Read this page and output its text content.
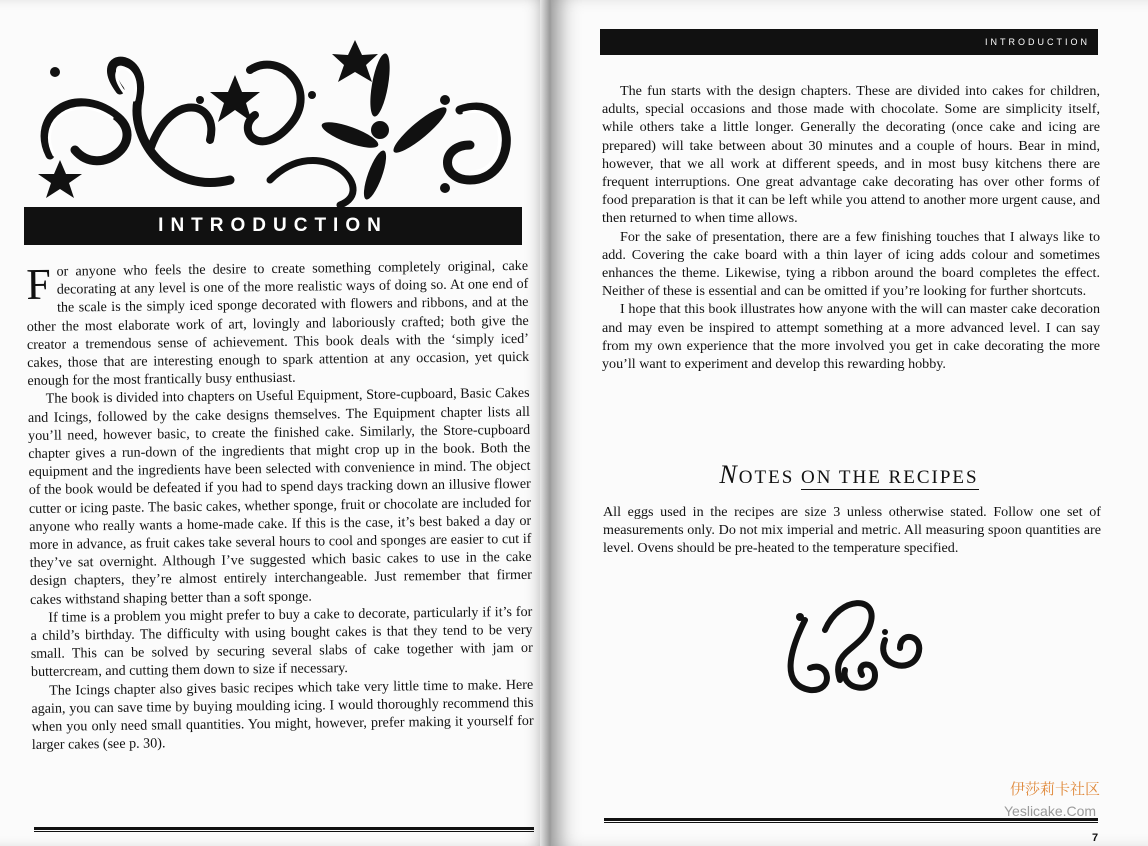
INTRODUCTION

For anyone who feels the desire to create something completely original, cake decorating at any level is one of the more realistic ways of doing so. At one end of the scale is the simply iced sponge decorated with flowers and ribbons, and at the other the most elaborate work of art, lovingly and laboriously crafted; both give the creator a tremendous sense of achievement. This book deals with the ‘simply iced’ cakes, those that are interesting enough to spark attention at any occasion, yet quick enough for the most frantically busy enthusiast.

The book is divided into chapters on Useful Equipment, Store-cupboard, Basic Cakes and Icings, followed by the cake designs themselves. The Equipment chapter lists all you’ll need, however basic, to create the finished cake. Similarly, the Store-cupboard chapter gives a run-down of the ingredients that might crop up in the book. Both the equipment and the ingredients have been selected with convenience in mind. The object of the book would be defeated if you had to spend days tracking down an illusive flower cutter or icing paste. The basic cakes, whether sponge, fruit or chocolate are included for anyone who really wants a home-made cake. If this is the case, it’s best baked a day or more in advance, as fruit cakes take several hours to cool and sponges are easier to cut if they’ve sat overnight. Although I’ve suggested which basic cakes to use in the cake design chapters, they’re almost entirely interchangeable. Just remember that firmer cakes withstand shaping better than a soft sponge.

If time is a problem you might prefer to buy a cake to decorate, particularly if it’s for a child’s birthday. The difficulty with using bought cakes is that they tend to be very small. This can be solved by securing several slabs of cake together with jam or buttercream, and cutting them down to size if necessary.

The Icings chapter also gives basic recipes which take very little time to make. Here again, you can save time by buying moulding icing. I would thoroughly recommend this when you only need small quantities. You might, however, prefer making it yourself for larger cakes (see p. 30).

INTRODUCTION

The fun starts with the design chapters. These are divided into cakes for children, adults, special occasions and those made with chocolate. Some are simplicity itself, while others take a little longer. Generally the decorating (once cake and icing are prepared) will take between about 30 minutes and a couple of hours. Bear in mind, however, that we all work at different speeds, and in most busy kitchens there are frequent interruptions. One great advantage cake decorating has over other forms of food preparation is that it can be left while you attend to another more urgent cause, and then returned to when time allows.

For the sake of presentation, there are a few finishing touches that I always like to add. Covering the cake board with a thin layer of icing adds colour and sometimes enhances the theme. Likewise, tying a ribbon around the board completes the effect. Neither of these is essential and can be omitted if you’re looking for further shortcuts.

I hope that this book illustrates how anyone with the will can master cake decoration and may even be inspired to attempt something at a more advanced level. I can say from my own experience that the more involved you get in cake decorating the more you’ll want to experiment and develop this rewarding hobby.

NOTES ON THE RECIPES

All eggs used in the recipes are size 3 unless otherwise stated. Follow one set of measurements only. Do not mix imperial and metric. All measuring spoon quantities are level. Ovens should be pre-heated to the temperature specified.

7
伊莎莉卡社区
Yeslicake.Com
